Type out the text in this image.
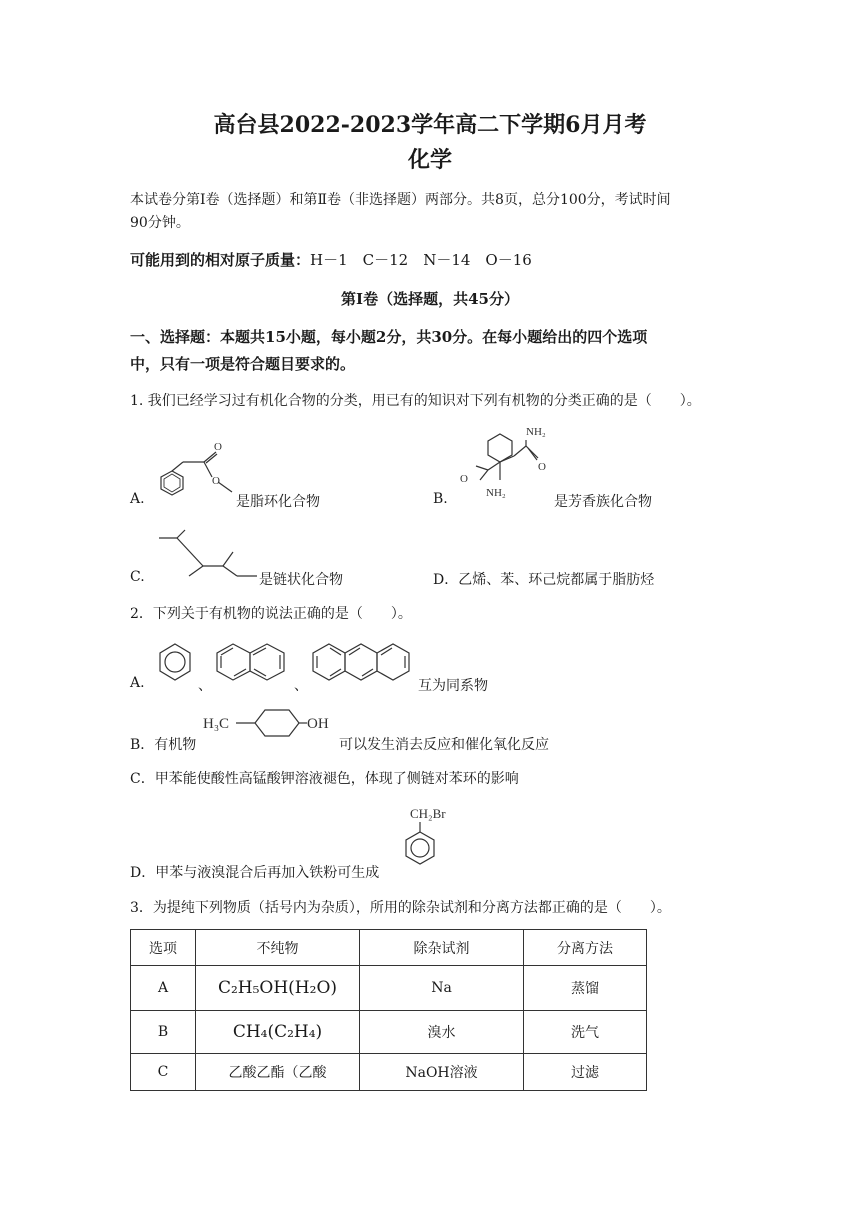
高台县2022-2023学年高二下学期6月月考
化学
本试卷分第Ⅰ卷（选择题）和第Ⅱ卷（非选择题）两部分。共8页，总分100分，考试时间
90分钟。
可能用到的相对原子质量：H－1　C－12　N－14　O－16
第Ⅰ卷（选择题，共45分）
一、选择题：本题共15小题，每小题2分，共30分。在每小题给出的四个选项
中，只有一项是符合题目要求的。
1. 我们已经学习过有机化合物的分类，用已有的知识对下列有机物的分类正确的是（　　）。
A.
O
O
是脂环化合物	B.
NH₂
O
O
NH₂
是芳香族化合物
C.	是链状化合物	D．乙烯、苯、环己烷都属于脂肪烃
2．下列关于有机物的说法正确的是（　　）。
A.	、	、	互为同系物
B．有机物
H₃C	OH
可以发生消去反应和催化氧化反应
C．甲苯能使酸性高锰酸钾溶液褪色，体现了侧链对苯环的影响
D．甲苯与液溴混合后再加入铁粉可生成
CH₂Br
3．为提纯下列物质（括号内为杂质），所用的除杂试剂和分离方法都正确的是（　　）。
选项	不纯物	除杂试剂	分离方法
A	C₂H₅OH(H₂O)	Na	蒸馏
B	CH₄(C₂H₄)	溴水	洗气
C	乙酸乙酯（乙酸	NaOH溶液	过滤
